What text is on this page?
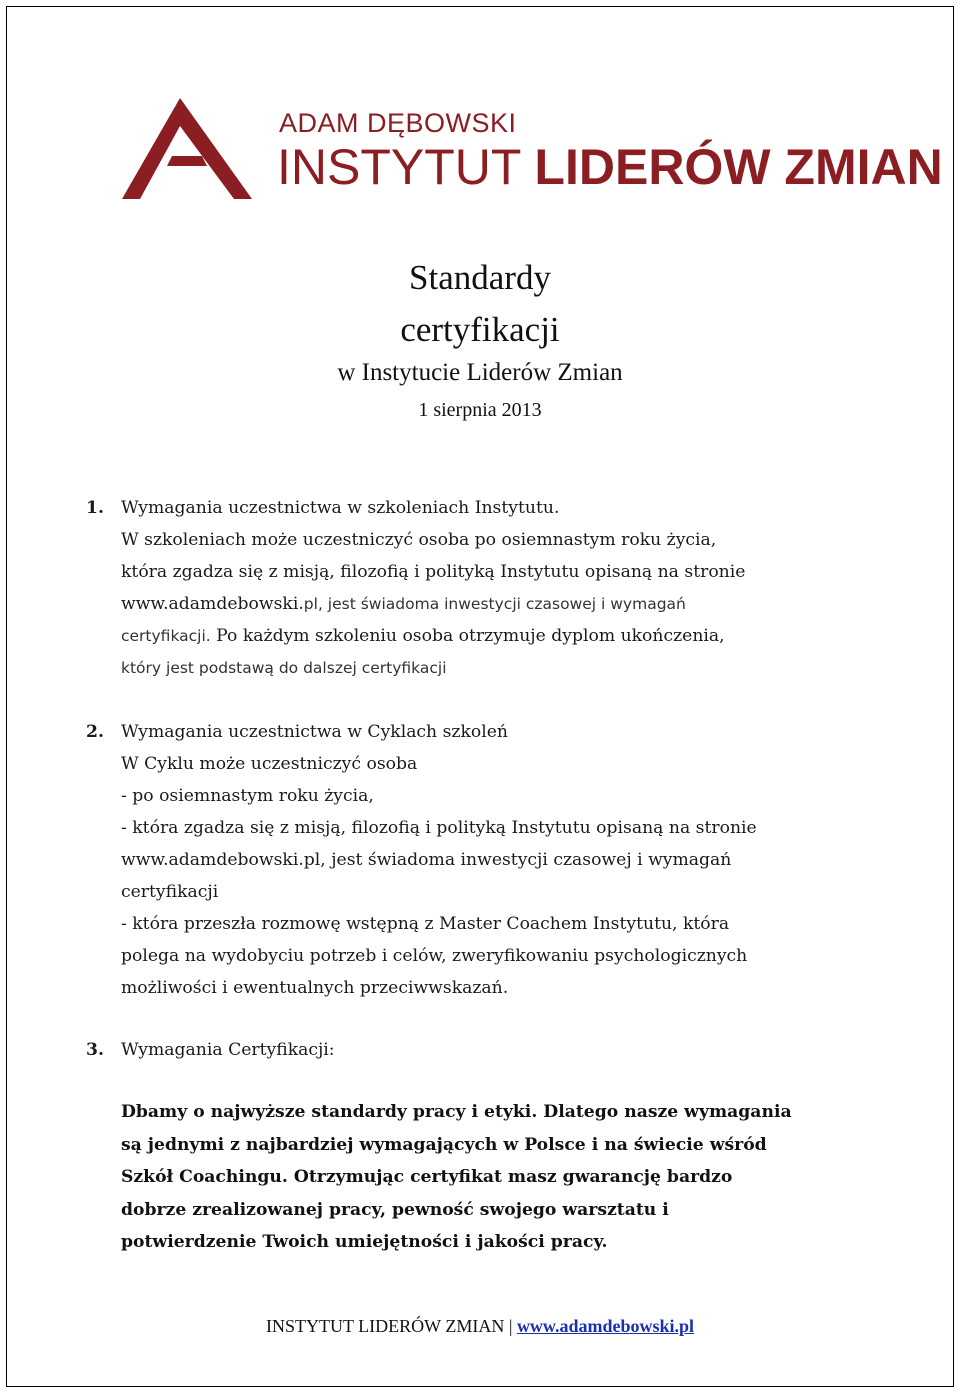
ADAM DĘBOWSKI
INSTYTUT LIDERÓW ZMIAN
Standardy
certyfikacji
w Instytucie Liderów Zmian
1 sierpnia 2013
1. Wymagania uczestnictwa w szkoleniach Instytutu.
W szkoleniach może uczestniczyć osoba po osiemnastym roku życia,
która zgadza się z misją, filozofią i polityką Instytutu opisaną na stronie
www.adamdebowski.pl, jest świadoma inwestycji czasowej i wymagań
certyfikacji. Po każdym szkoleniu osoba otrzymuje dyplom ukończenia,
który jest podstawą do dalszej certyfikacji
2. Wymagania uczestnictwa w Cyklach szkoleń
W Cyklu może uczestniczyć osoba
- po osiemnastym roku życia,
- która zgadza się z misją, filozofią i polityką Instytutu opisaną na stronie
www.adamdebowski.pl, jest świadoma inwestycji czasowej i wymagań
certyfikacji
- która przeszła rozmowę wstępną z Master Coachem Instytutu, która
polega na wydobyciu potrzeb i celów, zweryfikowaniu psychologicznych
możliwości i ewentualnych przeciwwskazań.
3. Wymagania Certyfikacji:
Dbamy o najwyższe standardy pracy i etyki. Dlatego nasze wymagania
są jednymi z najbardziej wymagających w Polsce i na świecie wśród
Szkół Coachingu. Otrzymując certyfikat masz gwarancję bardzo
dobrze zrealizowanej pracy, pewność swojego warsztatu i
potwierdzenie Twoich umiejętności i jakości pracy.
INSTYTUT LIDERÓW ZMIAN | www.adamdebowski.pl
